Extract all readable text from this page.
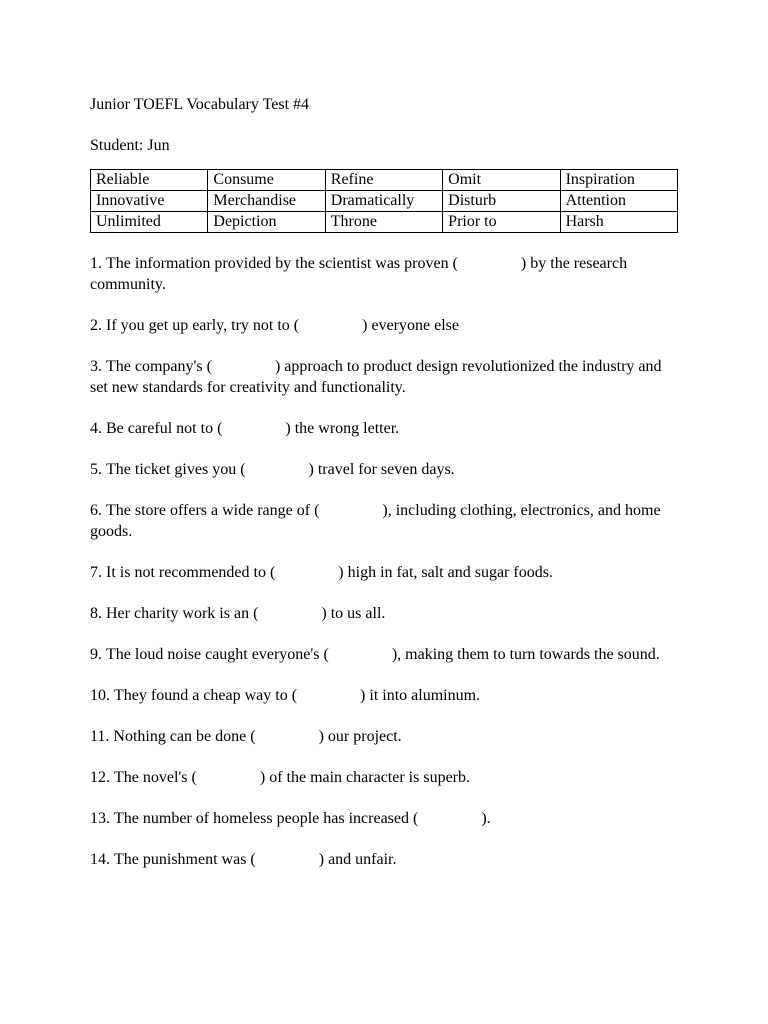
Junior TOEFL Vocabulary Test #4

Student: Jun

Reliable	Consume	Refine	Omit	Inspiration
Innovative	Merchandise	Dramatically	Disturb	Attention
Unlimited	Depiction	Throne	Prior to	Harsh

1. The information provided by the scientist was proven (	) by the research community.

2. If you get up early, try not to (	) everyone else

3. The company's (	) approach to product design revolutionized the industry and set new standards for creativity and functionality.

4. Be careful not to (	) the wrong letter.

5. The ticket gives you (	) travel for seven days.

6. The store offers a wide range of (	), including clothing, electronics, and home goods.

7. It is not recommended to (	) high in fat, salt and sugar foods.

8. Her charity work is an (	) to us all.

9. The loud noise caught everyone's (	), making them to turn towards the sound.

10. They found a cheap way to (	) it into aluminum.

11. Nothing can be done (	) our project.

12. The novel's (	) of the main character is superb.

13. The number of homeless people has increased (	).

14. The punishment was (	) and unfair.
